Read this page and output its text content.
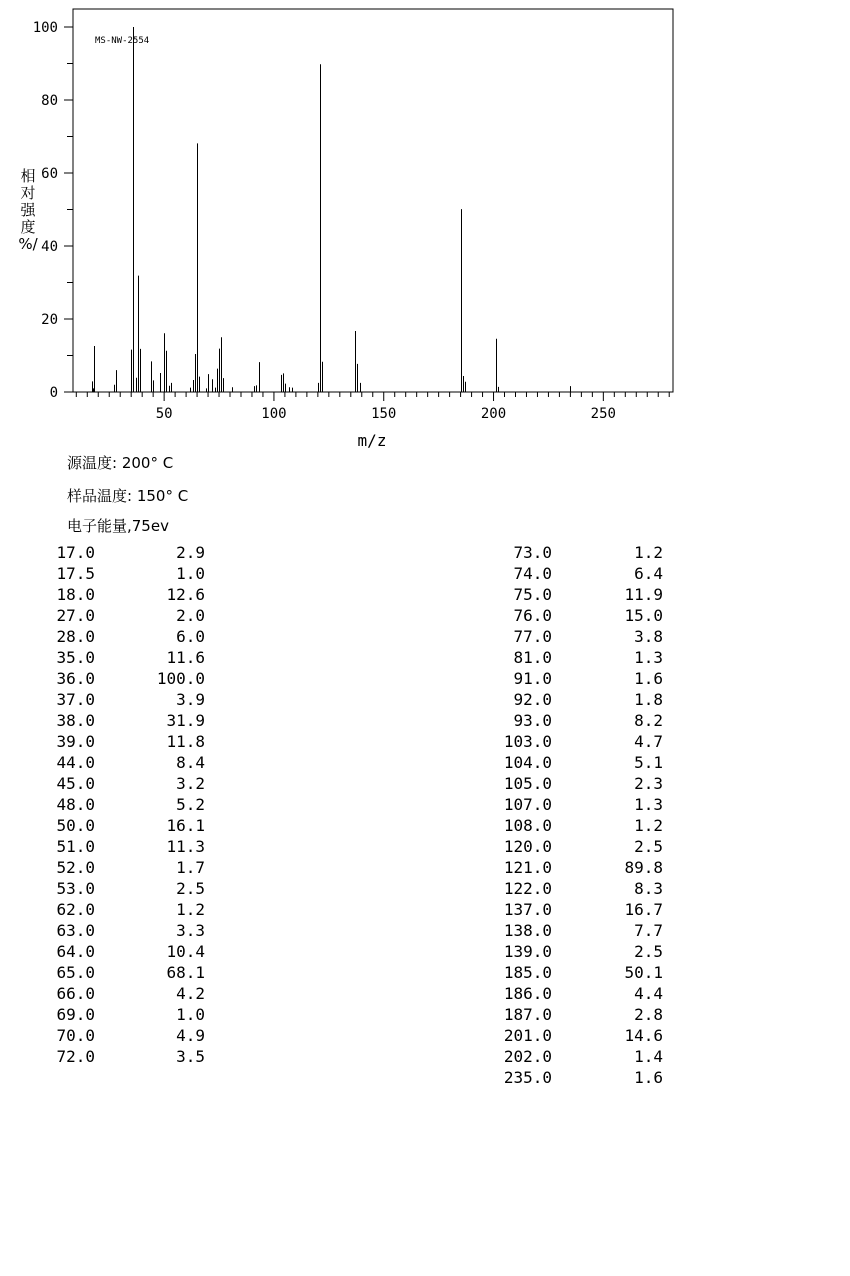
0
20
40
60
80
100
50	100	150	200	250
MS-NW-2554
m/z
相
对
强
度
%/
源温度: 200° C
样品温度: 150° C
电子能量,75ev
17.0	2.9
17.5	1.0
18.0	12.6
27.0	2.0
28.0	6.0
35.0	11.6
36.0	100.0
37.0	3.9
38.0	31.9
39.0	11.8
44.0	8.4
45.0	3.2
48.0	5.2
50.0	16.1
51.0	11.3
52.0	1.7
53.0	2.5
62.0	1.2
63.0	3.3
64.0	10.4
65.0	68.1
66.0	4.2
69.0	1.0
70.0	4.9
72.0	3.5
73.0	1.2
74.0	6.4
75.0	11.9
76.0	15.0
77.0	3.8
81.0	1.3
91.0	1.6
92.0	1.8
93.0	8.2
103.0	4.7
104.0	5.1
105.0	2.3
107.0	1.3
108.0	1.2
120.0	2.5
121.0	89.8
122.0	8.3
137.0	16.7
138.0	7.7
139.0	2.5
185.0	50.1
186.0	4.4
187.0	2.8
201.0	14.6
202.0	1.4
235.0	1.6
